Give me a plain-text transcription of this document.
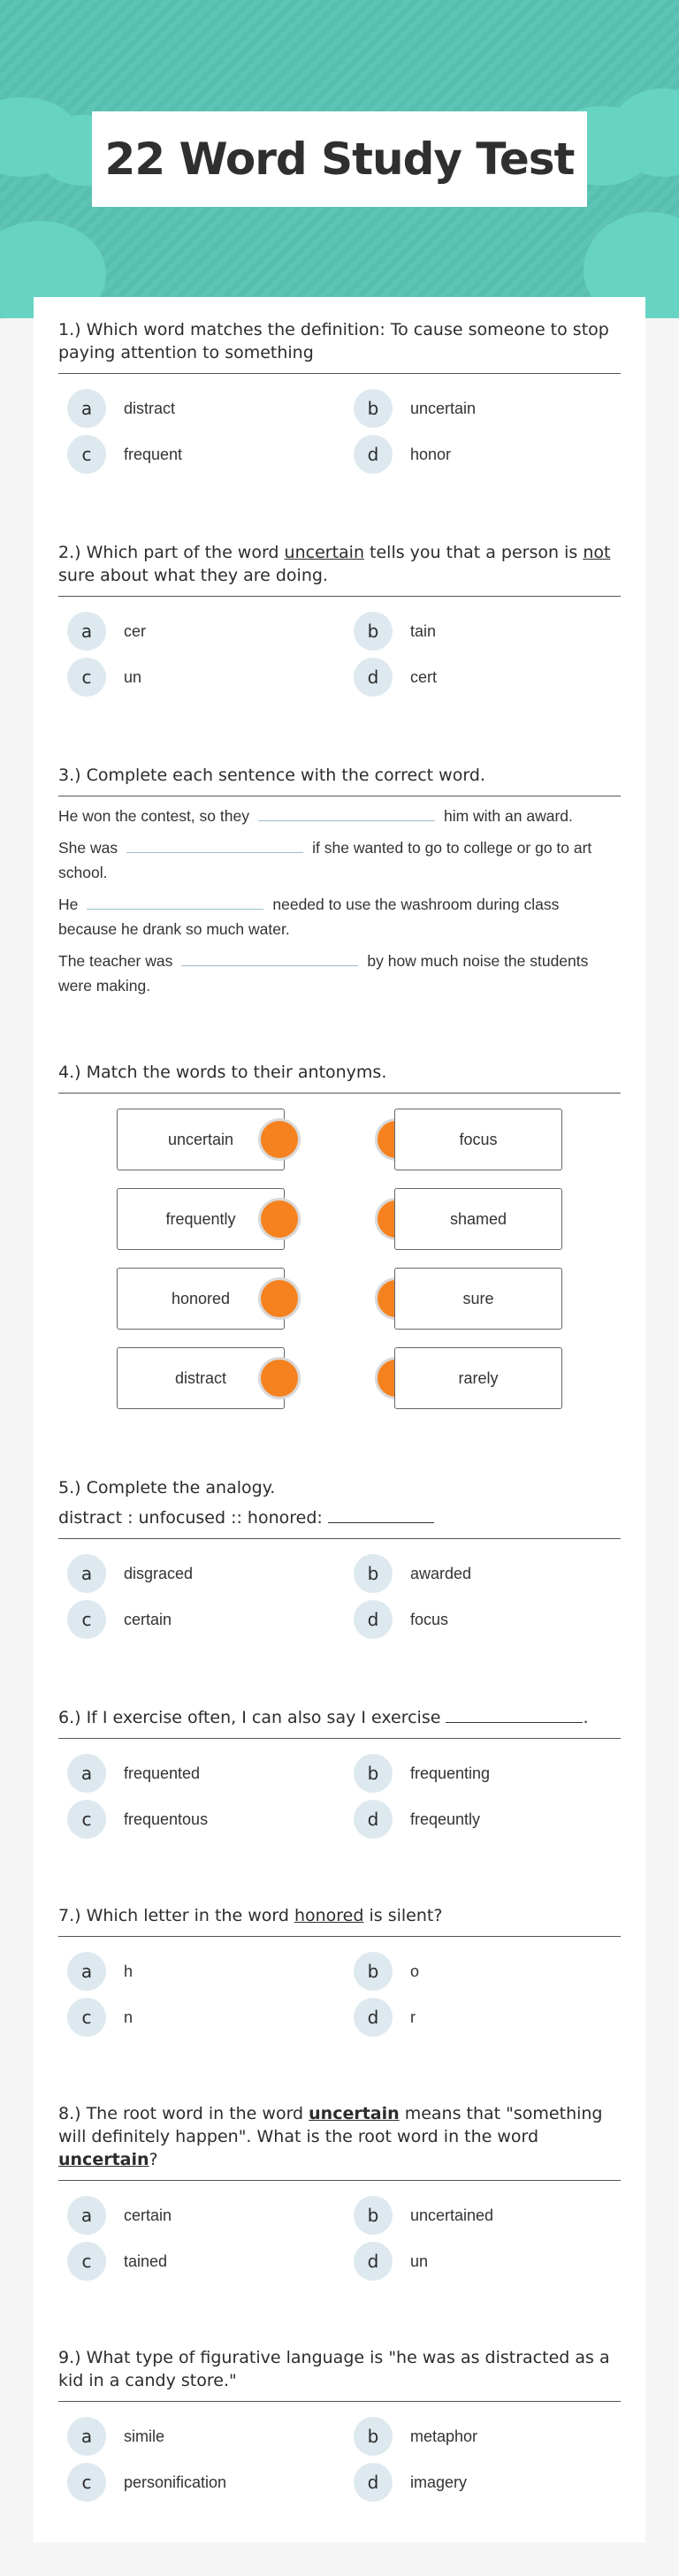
22 Word Study Test
1.) Which word matches the definition: To cause someone to stop paying attention to something
a	distract	b	uncertain
c	frequent	d	honor
2.) Which part of the word uncertain tells you that a person is not sure about what they are doing.
a	cer	b	tain
c	un	d	cert
3.) Complete each sentence with the correct word.
He won the contest, so they	him with an award.
She was	if she wanted to go to college or go to art school.
He	needed to use the washroom during class because he drank so much water.
The teacher was	by how much noise the students were making.
4.) Match the words to their antonyms.
uncertain
frequently
honored
distract
focus
shamed
sure
rarely
5.) Complete the analogy.
distract : unfocused :: honored:
a	disgraced	b	awarded
c	certain	d	focus
6.) If I exercise often, I can also say I exercise	.
a	frequented	b	frequenting
c	frequentous	d	freqeuntly
7.) Which letter in the word honored is silent?
a	h	b	o
c	n	d	r
8.) The root word in the word uncertain means that "something will definitely happen". What is the root word in the word uncertain?
a	certain	b	uncertained
c	tained	d	un
9.) What type of figurative language is "he was as distracted as a kid in a candy store."
a	simile	b	metaphor
c	personification	d	imagery
